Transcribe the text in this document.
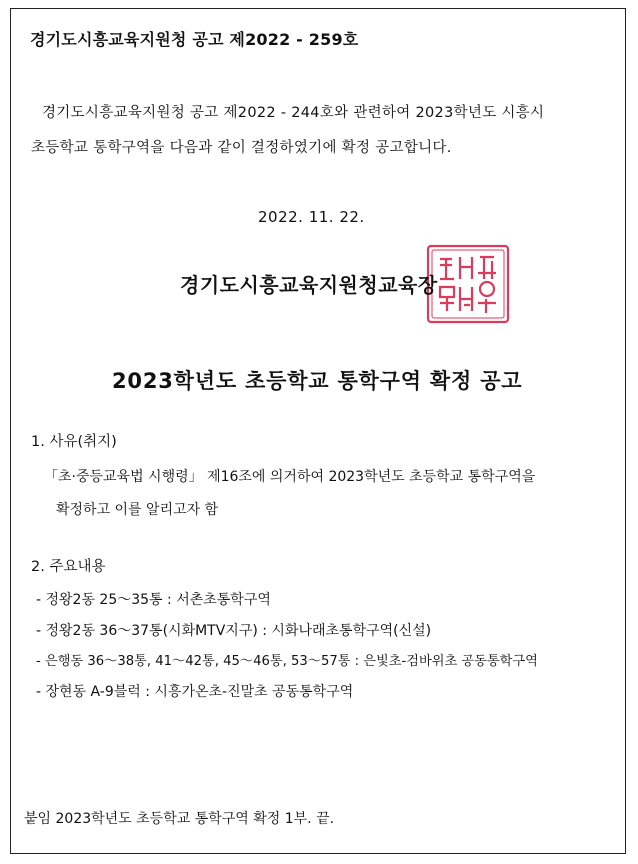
경기도시흥교육지원청 공고 제2022 - 259호
경기도시흥교육지원청 공고 제2022 - 244호와 관련하여 2023학년도 시흥시
초등학교 통학구역을 다음과 같이 결정하였기에 확정 공고합니다.
2022. 11. 22.
경기도시흥교육지원청교육장
2023학년도 초등학교 통학구역 확정 공고
1. 사유(취지)
「초·중등교육법 시행령」 제16조에 의거하여 2023학년도 초등학교 통학구역을
확정하고 이를 알리고자 함
2. 주요내용
- 정왕2동 25～35통 : 서촌초통학구역
- 정왕2동 36～37통(시화MTV지구) : 시화나래초통학구역(신설)
- 은행동 36～38통, 41～42통, 45～46통, 53～57통 : 은빛초-검바위초 공동통학구역
- 장현동 A-9블럭 : 시흥가온초-진말초 공동통학구역
붙임 2023학년도 초등학교 통학구역 확정 1부. 끝.
